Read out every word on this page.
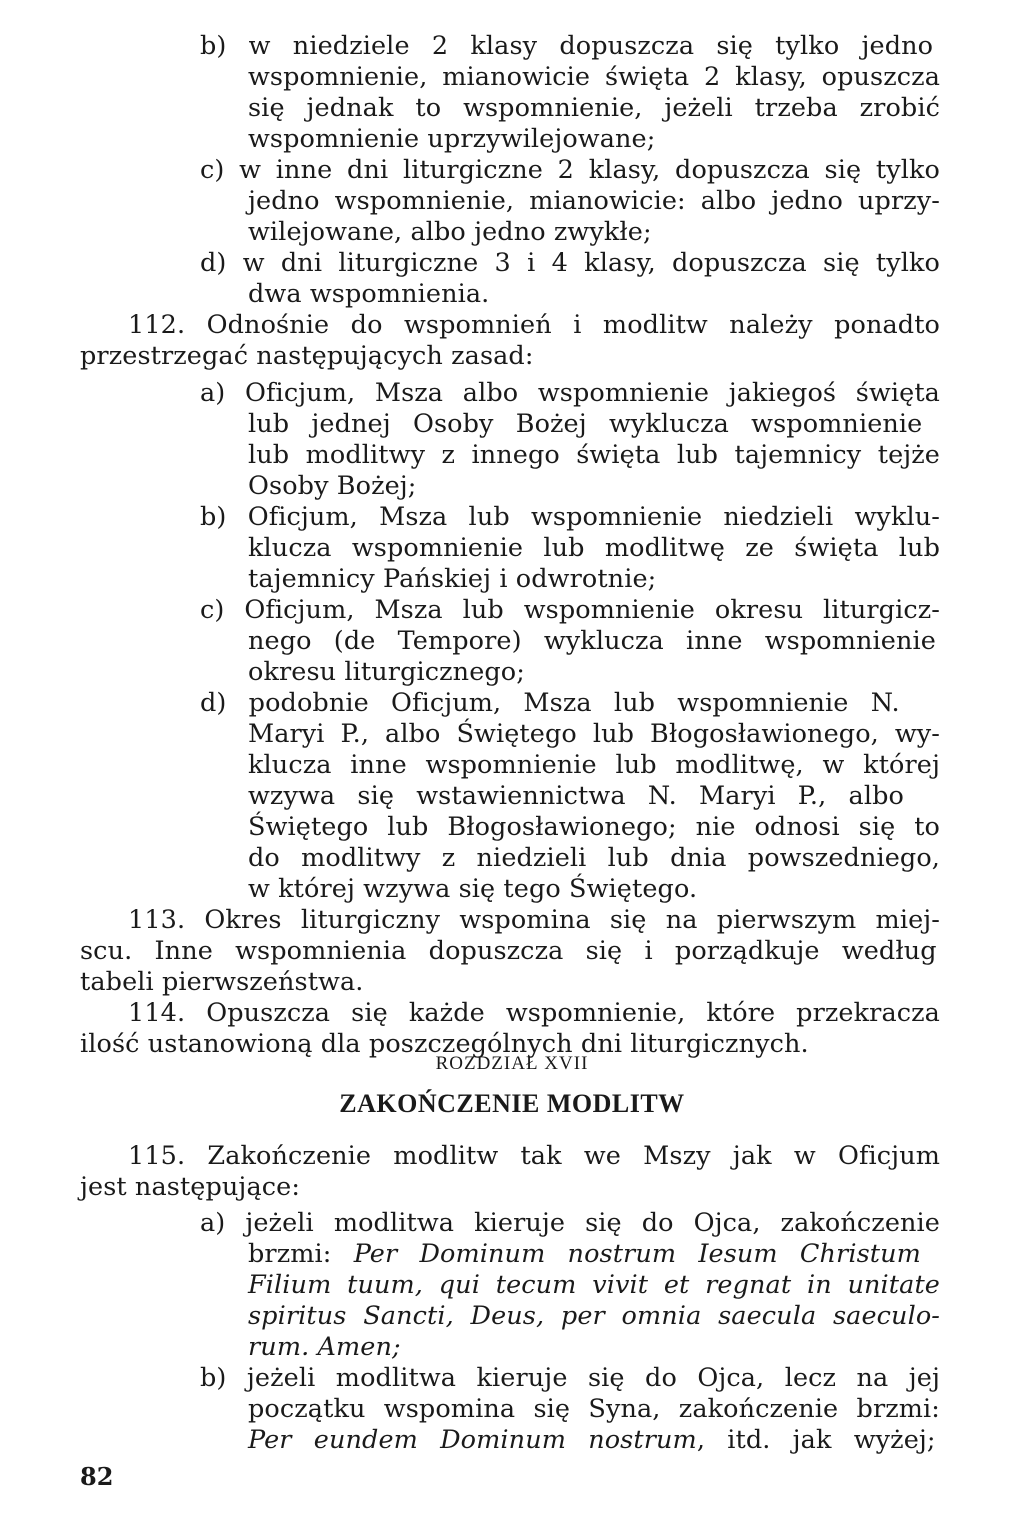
b) w niedziele 2 klasy dopuszcza się tylko jedno
wspomnienie, mianowicie święta 2 klasy, opuszcza
się jednak to wspomnienie, jeżeli trzeba zrobić
wspomnienie uprzywilejowane;
c) w inne dni liturgiczne 2 klasy, dopuszcza się tylko
jedno wspomnienie, mianowicie: albo jedno uprzy-
wilejowane, albo jedno zwykłe;
d) w dni liturgiczne 3 i 4 klasy, dopuszcza się tylko
dwa wspomnienia.
112. Odnośnie do wspomnień i modlitw należy ponadto
przestrzegać następujących zasad:
a) Oficjum, Msza albo wspomnienie jakiegoś święta
lub jednej Osoby Bożej wyklucza wspomnienie
lub modlitwy z innego święta lub tajemnicy tejże
Osoby Bożej;
b) Oficjum, Msza lub wspomnienie niedzieli wyklu-
klucza wspomnienie lub modlitwę ze święta lub
tajemnicy Pańskiej i odwrotnie;
c) Oficjum, Msza lub wspomnienie okresu liturgicz-
nego (de Tempore) wyklucza inne wspomnienie
okresu liturgicznego;
d) podobnie Oficjum, Msza lub wspomnienie N.
Maryi P., albo Świętego lub Błogosławionego, wy-
klucza inne wspomnienie lub modlitwę, w której
wzywa się wstawiennictwa N. Maryi P., albo
Świętego lub Błogosławionego; nie odnosi się to
do modlitwy z niedzieli lub dnia powszedniego,
w której wzywa się tego Świętego.
113. Okres liturgiczny wspomina się na pierwszym miej-
scu. Inne wspomnienia dopuszcza się i porządkuje według
tabeli pierwszeństwa.
114. Opuszcza się każde wspomnienie, które przekracza
ilość ustanowioną dla poszczególnych dni liturgicznych.
ROZDZIAŁ XVII
ZAKOŃCZENIE MODLITW
115. Zakończenie modlitw tak we Mszy jak w Oficjum
jest następujące:
a) jeżeli modlitwa kieruje się do Ojca, zakończenie
brzmi: Per Dominum nostrum Iesum Christum
Filium tuum, qui tecum vivit et regnat in unitate
spiritus Sancti, Deus, per omnia saecula saeculo-
rum. Amen;
b) jeżeli modlitwa kieruje się do Ojca, lecz na jej
początku wspomina się Syna, zakończenie brzmi:
Per eundem Dominum nostrum, itd. jak wyżej;
82
